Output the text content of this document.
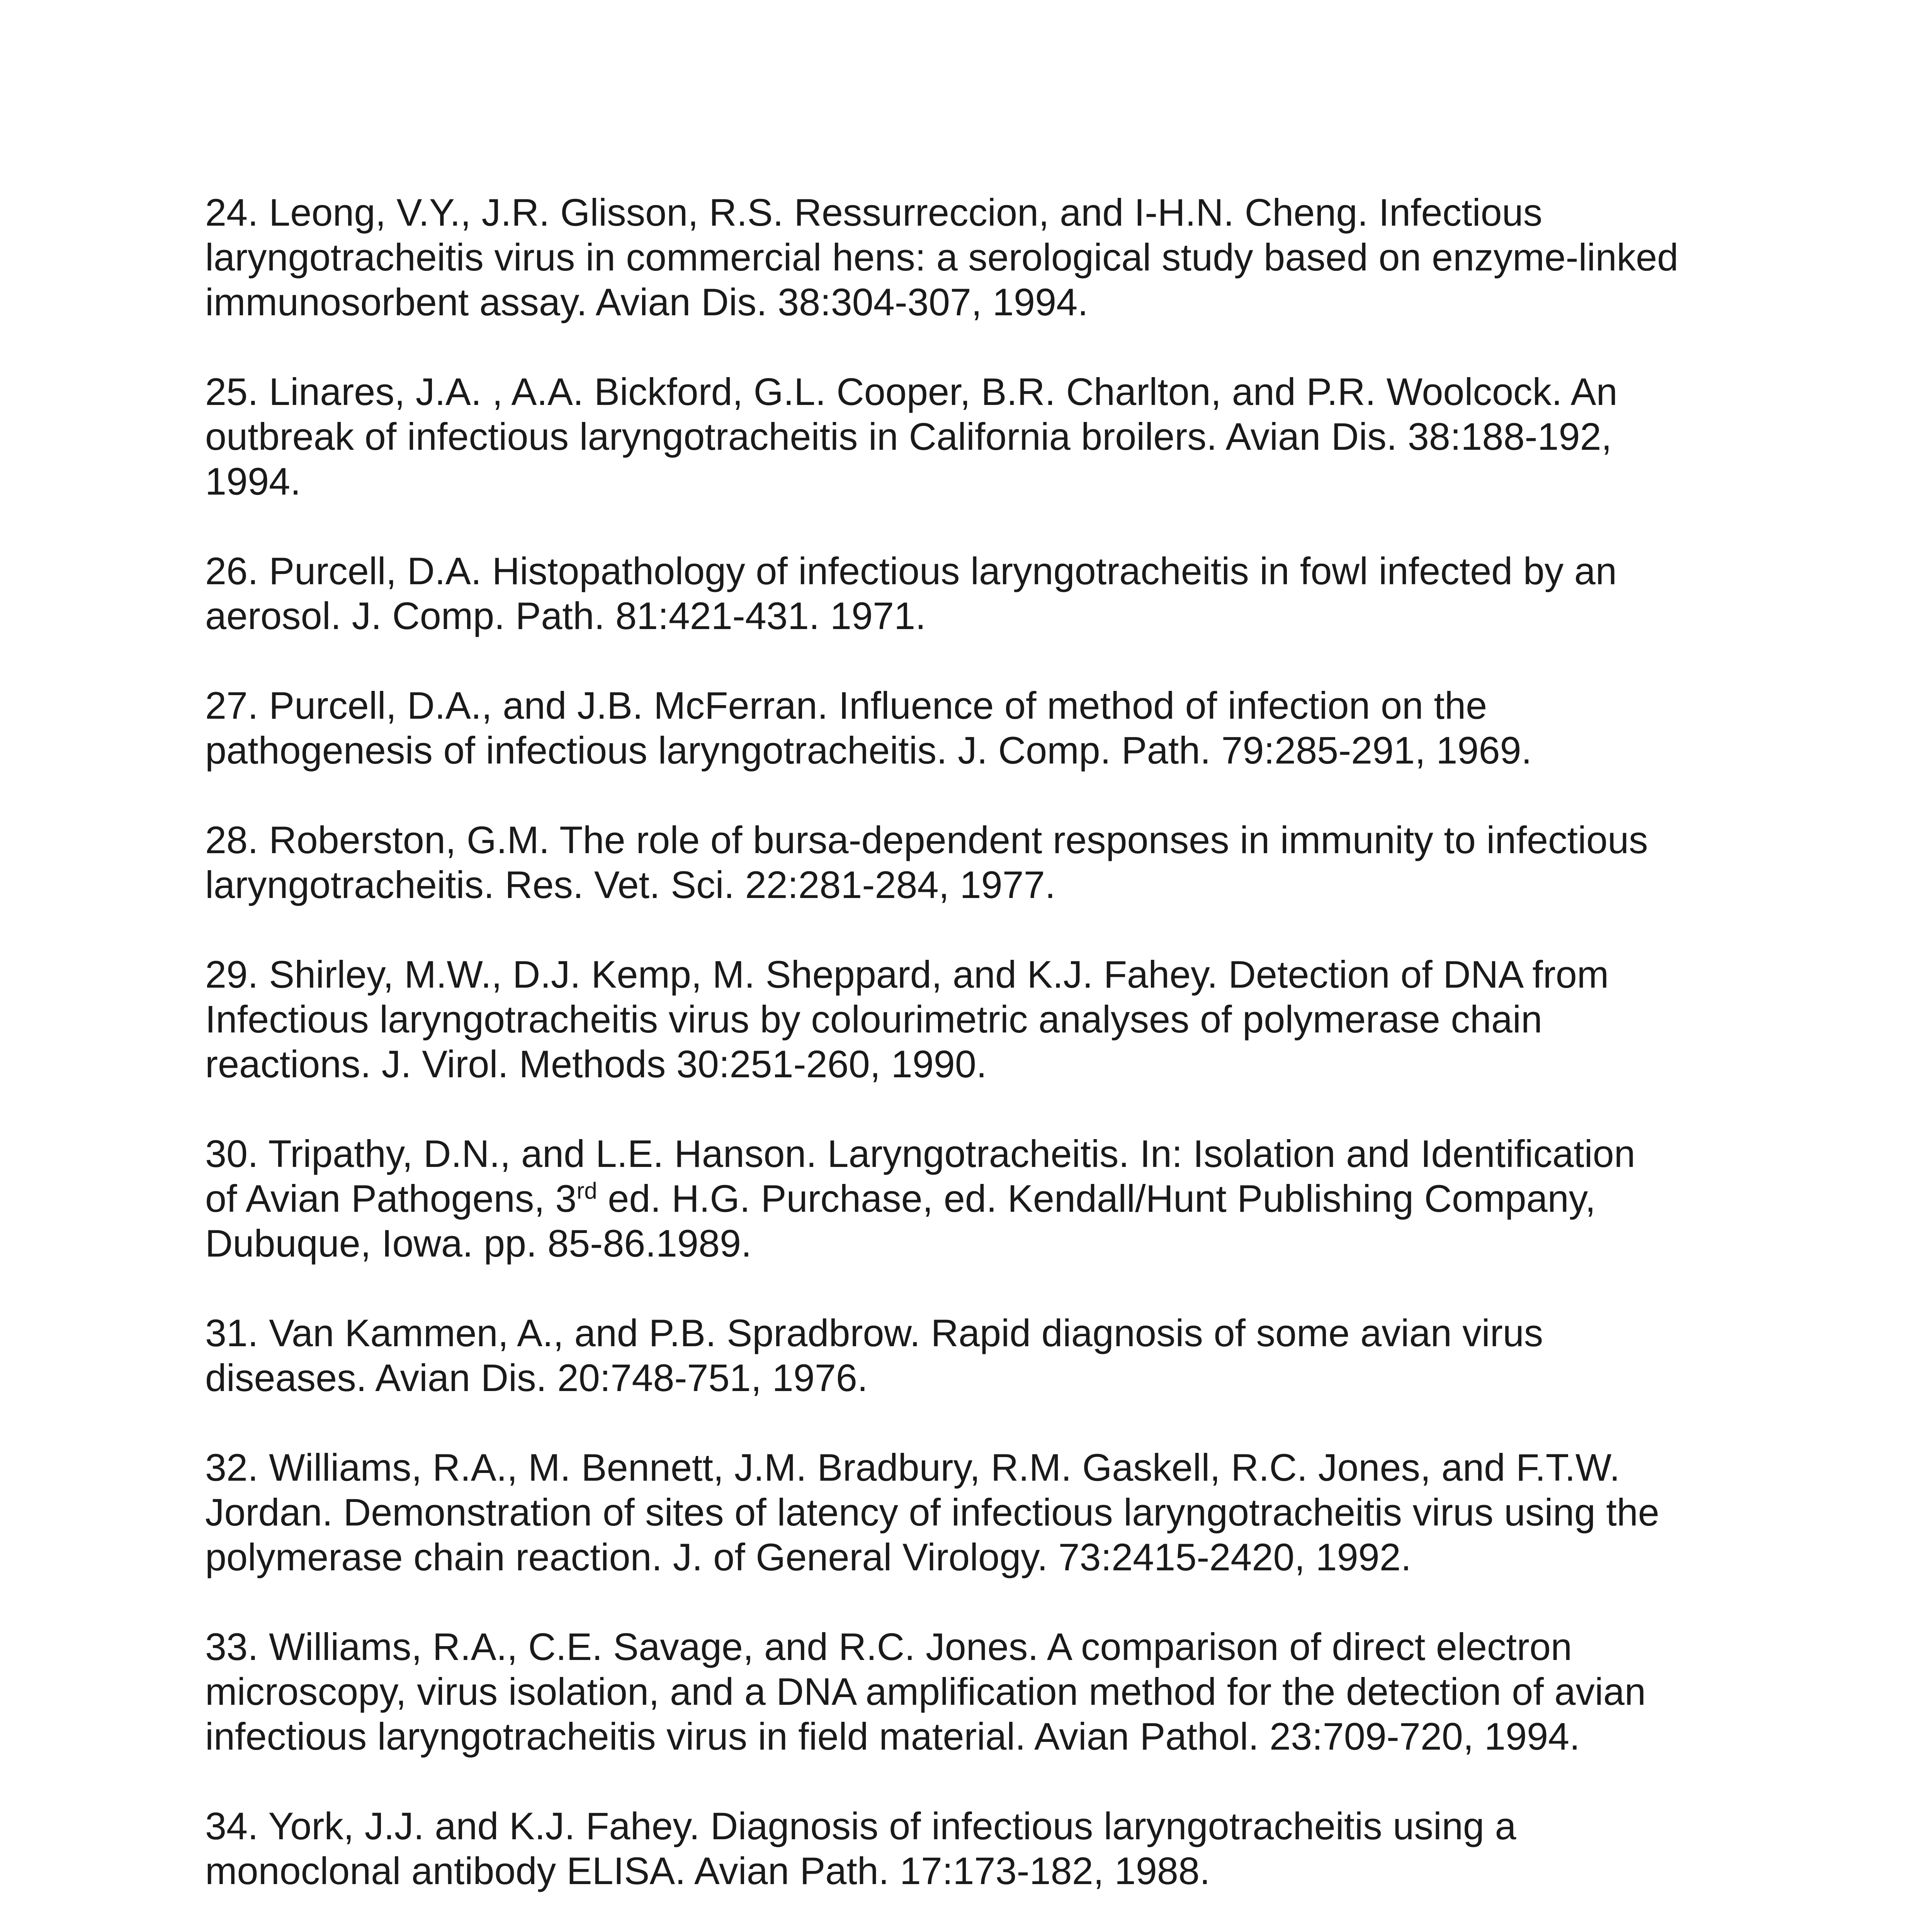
24. Leong, V.Y., J.R. Glisson, R.S. Ressurreccion, and I-H.N. Cheng. Infectious
laryngotracheitis virus in commercial hens: a serological study based on enzyme-linked
immunosorbent assay. Avian Dis. 38:304-307, 1994.
25. Linares, J.A. , A.A. Bickford, G.L. Cooper, B.R. Charlton, and P.R. Woolcock. An
outbreak of infectious laryngotracheitis in California broilers. Avian Dis. 38:188-192,
1994.
26. Purcell, D.A. Histopathology of infectious laryngotracheitis in fowl infected by an
aerosol. J. Comp. Path. 81:421-431. 1971.
27. Purcell, D.A., and J.B. McFerran. Influence of method of infection on the
pathogenesis of infectious laryngotracheitis. J. Comp. Path. 79:285-291, 1969.
28. Roberston, G.M. The role of bursa-dependent responses in immunity to infectious
laryngotracheitis. Res. Vet. Sci. 22:281-284, 1977.
29. Shirley, M.W., D.J. Kemp, M. Sheppard, and K.J. Fahey. Detection of DNA from
Infectious laryngotracheitis virus by colourimetric analyses of polymerase chain
reactions. J. Virol. Methods 30:251-260, 1990.
30. Tripathy, D.N., and L.E. Hanson. Laryngotracheitis. In: Isolation and Identification
of Avian Pathogens, 3rd ed. H.G. Purchase, ed. Kendall/Hunt Publishing Company,
Dubuque, Iowa. pp. 85-86.1989.
31. Van Kammen, A., and P.B. Spradbrow. Rapid diagnosis of some avian virus
diseases. Avian Dis. 20:748-751, 1976.
32. Williams, R.A., M. Bennett, J.M. Bradbury, R.M. Gaskell, R.C. Jones, and F.T.W.
Jordan. Demonstration of sites of latency of infectious laryngotracheitis virus using the
polymerase chain reaction. J. of General Virology. 73:2415-2420, 1992.
33. Williams, R.A., C.E. Savage, and R.C. Jones. A comparison of direct electron
microscopy, virus isolation, and a DNA amplification method for the detection of avian
infectious laryngotracheitis virus in field material. Avian Pathol. 23:709-720, 1994.
34. York, J.J. and K.J. Fahey. Diagnosis of infectious laryngotracheitis using a
monoclonal antibody ELISA. Avian Path. 17:173-182, 1988.
